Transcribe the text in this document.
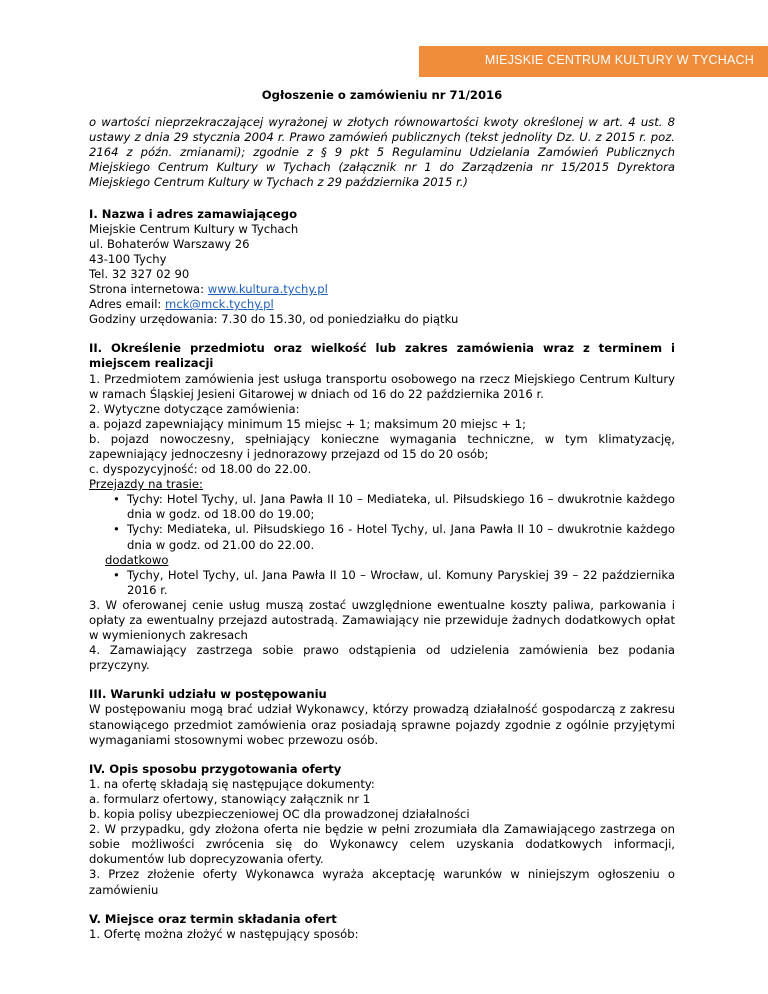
MIEJSKIE CENTRUM KULTURY W TYCHACH

Ogłoszenie o zamówieniu nr 71/2016

o wartości nieprzekraczającej wyrażonej w złotych równowartości kwoty określonej w art. 4 ust. 8 ustawy z dnia 29 stycznia 2004 r. Prawo zamówień publicznych (tekst jednolity Dz. U. z 2015 r. poz. 2164 z późn. zmianami); zgodnie z § 9 pkt 5 Regulaminu Udzielania Zamówień Publicznych Miejskiego Centrum Kultury w Tychach (załącznik nr 1 do Zarządzenia nr 15/2015 Dyrektora Miejskiego Centrum Kultury w Tychach z 29 października 2015 r.)

I. Nazwa i adres zamawiającego

Miejskie Centrum Kultury w Tychach

ul. Bohaterów Warszawy 26

43-100 Tychy

Tel. 32 327 02 90

Strona internetowa: www.kultura.tychy.pl

Adres email: mck@mck.tychy.pl

Godziny urzędowania: 7.30 do 15.30, od poniedziałku do piątku

II. Określenie przedmiotu oraz wielkość lub zakres zamówienia wraz z terminem i miejscem realizacji

1. Przedmiotem zamówienia jest usługa transportu osobowego na rzecz Miejskiego Centrum Kultury w ramach Śląskiej Jesieni Gitarowej w dniach od 16 do 22 października 2016 r.

2. Wytyczne dotyczące zamówienia:

a. pojazd zapewniający minimum 15 miejsc + 1; maksimum 20 miejsc + 1;

b. pojazd nowoczesny, spełniający konieczne wymagania techniczne, w tym klimatyzację, zapewniający jednoczesny i jednorazowy przejazd od 15 do 20 osób;

c. dyspozycyjność: od 18.00 do 22.00.

Przejazdy na trasie:

• Tychy: Hotel Tychy, ul. Jana Pawła II 10 – Mediateka, ul. Piłsudskiego 16 – dwukrotnie każdego dnia w godz. od 18.00 do 19.00;
• Tychy: Mediateka, ul. Piłsudskiego 16 - Hotel Tychy, ul. Jana Pawła II 10 – dwukrotnie każdego dnia w godz. od 21.00 do 22.00.

dodatkowo

• Tychy, Hotel Tychy, ul. Jana Pawła II 10 – Wrocław, ul. Komuny Paryskiej 39 – 22 października 2016 r.

3. W oferowanej cenie usług muszą zostać uwzględnione ewentualne koszty paliwa, parkowania i opłaty za ewentualny przejazd autostradą. Zamawiający nie przewiduje żadnych dodatkowych opłat w wymienionych zakresach

4. Zamawiający zastrzega sobie prawo odstąpienia od udzielenia zamówienia bez podania przyczyny.

III. Warunki udziału w postępowaniu

W postępowaniu mogą brać udział Wykonawcy, którzy prowadzą działalność gospodarczą z zakresu stanowiącego przedmiot zamówienia oraz posiadają sprawne pojazdy zgodnie z ogólnie przyjętymi wymaganiami stosownymi wobec przewozu osób.

IV. Opis sposobu przygotowania oferty

1. na ofertę składają się następujące dokumenty:

a. formularz ofertowy, stanowiący załącznik nr 1

b. kopia polisy ubezpieczeniowej OC dla prowadzonej działalności

2. W przypadku, gdy złożona oferta nie będzie w pełni zrozumiała dla Zamawiającego zastrzega on sobie możliwości zwrócenia się do Wykonawcy celem uzyskania dodatkowych informacji, dokumentów lub doprecyzowania oferty.

3. Przez złożenie oferty Wykonawca wyraża akceptację warunków w niniejszym ogłoszeniu o zamówieniu

V. Miejsce oraz termin składania ofert

1. Ofertę można złożyć w następujący sposób:
